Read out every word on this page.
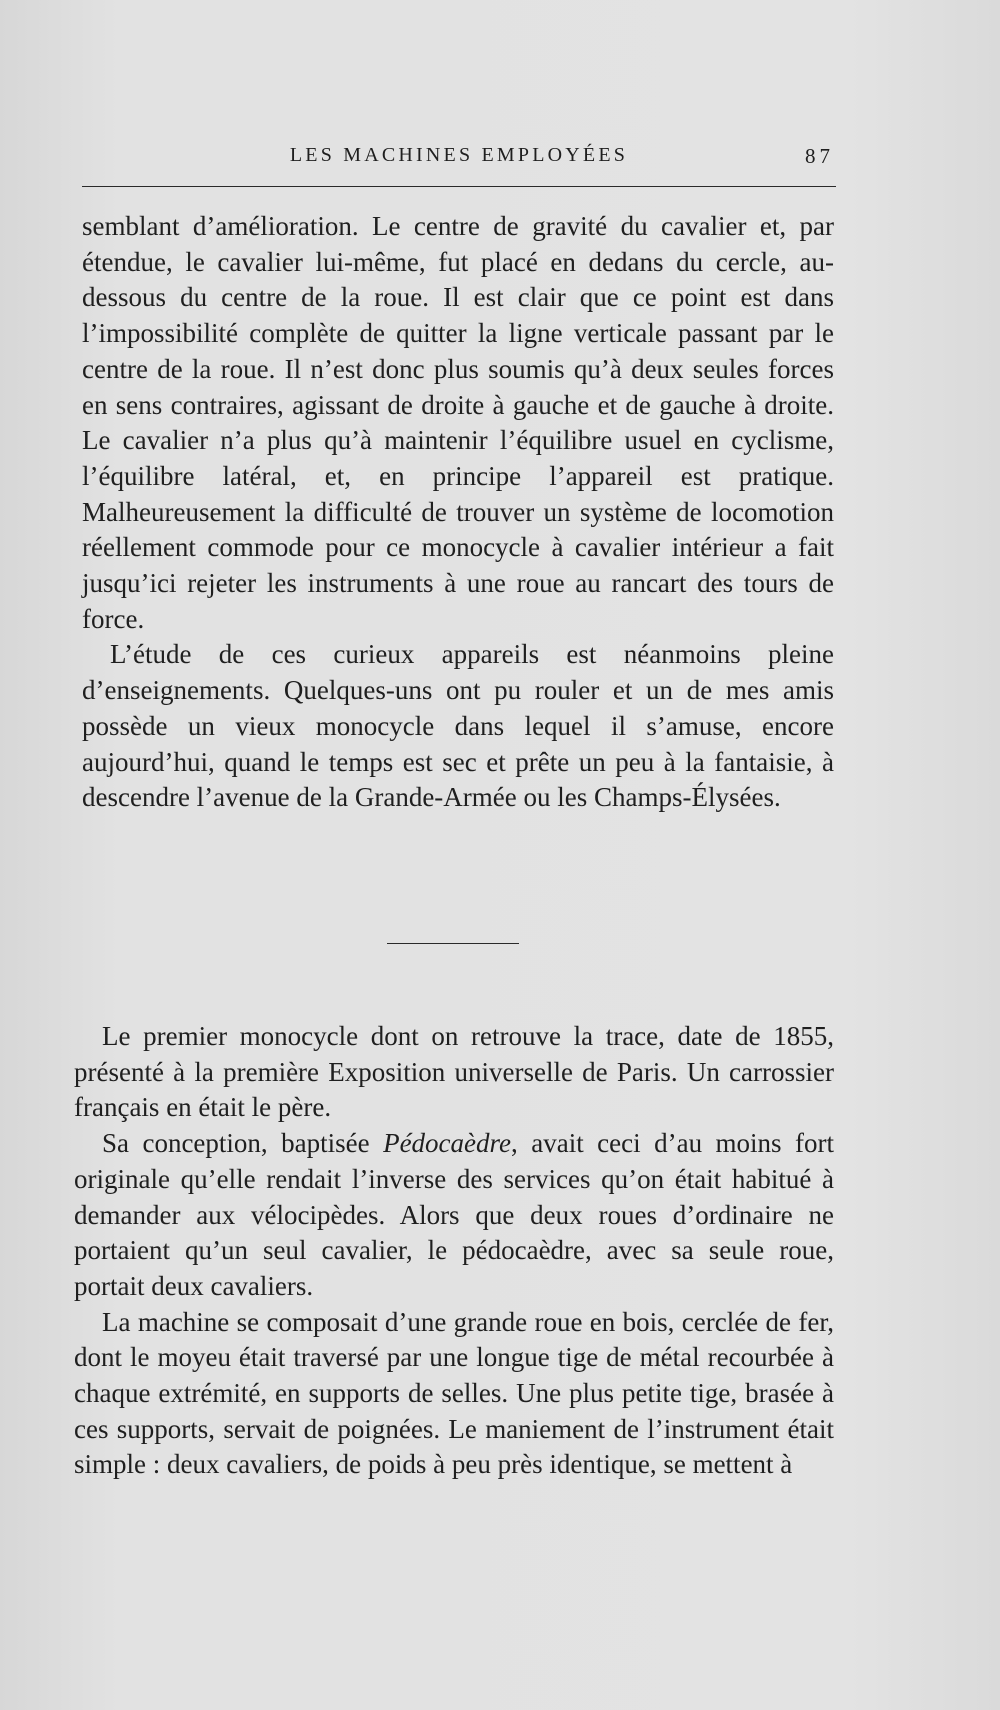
LES MACHINES EMPLOYÉES	87

semblant d’amélioration. Le centre de gravité du cavalier et, par étendue, le cavalier lui-même, fut placé en dedans du cercle, au-dessous du centre de la roue. Il est clair que ce point est dans l’impossibilité complète de quitter la ligne verticale passant par le centre de la roue. Il n’est donc plus soumis qu’à deux seules forces en sens contraires, agissant de droite à gauche et de gauche à droite. Le cavalier n’a plus qu’à maintenir l’équilibre usuel en cyclisme, l’équilibre latéral, et, en principe l’appareil est pratique. Malheureusement la difficulté de trouver un système de locomotion réellement commode pour ce monocycle à cavalier intérieur a fait jusqu’ici rejeter les instruments à une roue au rancart des tours de force.

L’étude de ces curieux appareils est néanmoins pleine d’enseignements. Quelques-uns ont pu rouler et un de mes amis possède un vieux monocycle dans lequel il s’amuse, encore aujourd’hui, quand le temps est sec et prête un peu à la fantaisie, à descendre l’avenue de la Grande-Armée ou les Champs-Élysées.

Le premier monocycle dont on retrouve la trace, date de 1855, présenté à la première Exposition universelle de Paris. Un carrossier français en était le père.

Sa conception, baptisée Pédocaèdre, avait ceci d’au moins fort originale qu’elle rendait l’inverse des services qu’on était habitué à demander aux vélocipèdes. Alors que deux roues d’ordinaire ne portaient qu’un seul cavalier, le pédocaèdre, avec sa seule roue, portait deux cavaliers.

La machine se composait d’une grande roue en bois, cerclée de fer, dont le moyeu était traversé par une longue tige de métal recourbée à chaque extrémité, en supports de selles. Une plus petite tige, brasée à ces supports, servait de poignées. Le maniement de l’instrument était simple : deux cavaliers, de poids à peu près identique, se mettent à
